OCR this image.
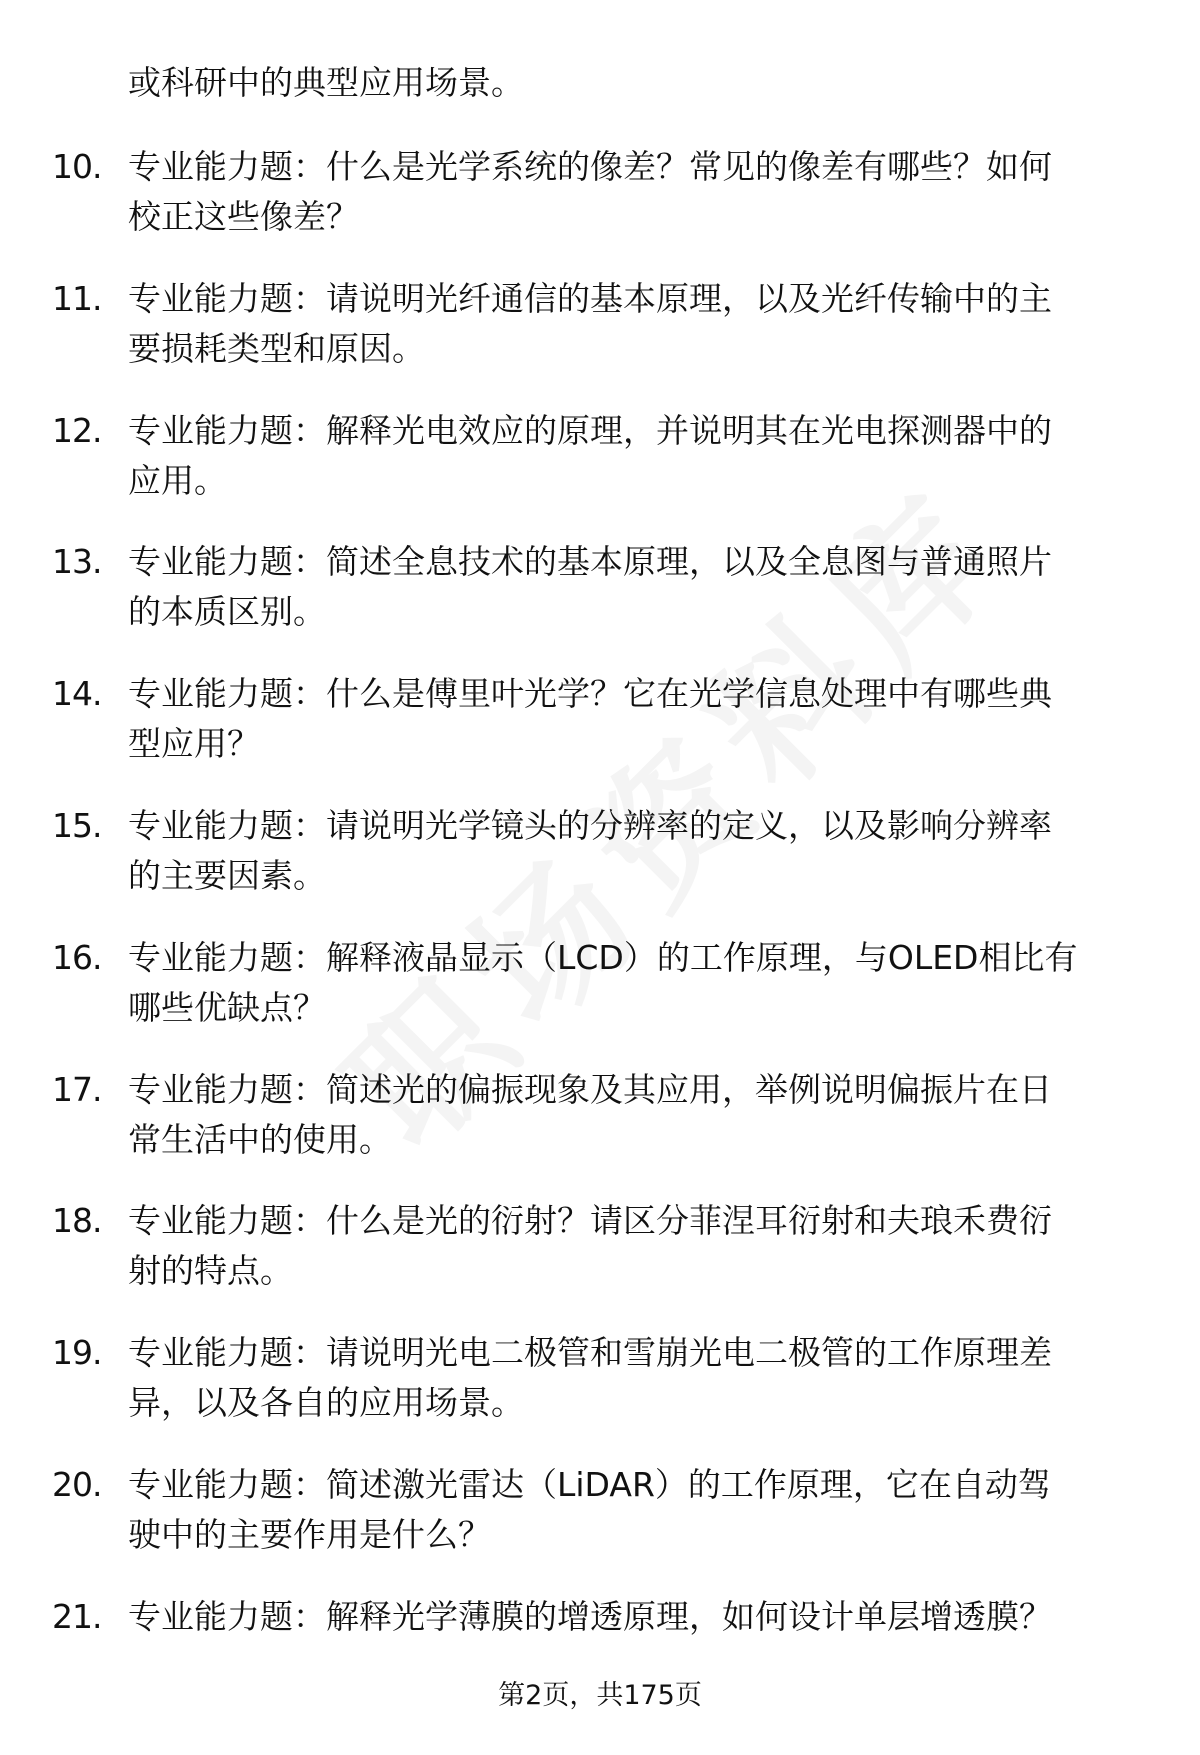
或科研中的典型应用场景。
10. 专业能力题：什么是光学系统的像差？常见的像差有哪些？如何
校正这些像差？
11. 专业能力题：请说明光纤通信的基本原理，以及光纤传输中的主
要损耗类型和原因。
12. 专业能力题：解释光电效应的原理，并说明其在光电探测器中的
应用。
13. 专业能力题：简述全息技术的基本原理，以及全息图与普通照片
的本质区别。
14. 专业能力题：什么是傅里叶光学？它在光学信息处理中有哪些典
型应用？
15. 专业能力题：请说明光学镜头的分辨率的定义，以及影响分辨率
的主要因素。
16. 专业能力题：解释液晶显示（LCD）的工作原理，与OLED相比有
哪些优缺点？
17. 专业能力题：简述光的偏振现象及其应用，举例说明偏振片在日
常生活中的使用。
18. 专业能力题：什么是光的衍射？请区分菲涅耳衍射和夫琅禾费衍
射的特点。
19. 专业能力题：请说明光电二极管和雪崩光电二极管的工作原理差
异，以及各自的应用场景。
20. 专业能力题：简述激光雷达（LiDAR）的工作原理，它在自动驾
驶中的主要作用是什么？
21. 专业能力题：解释光学薄膜的增透原理，如何设计单层增透膜？
第2页，共175页
